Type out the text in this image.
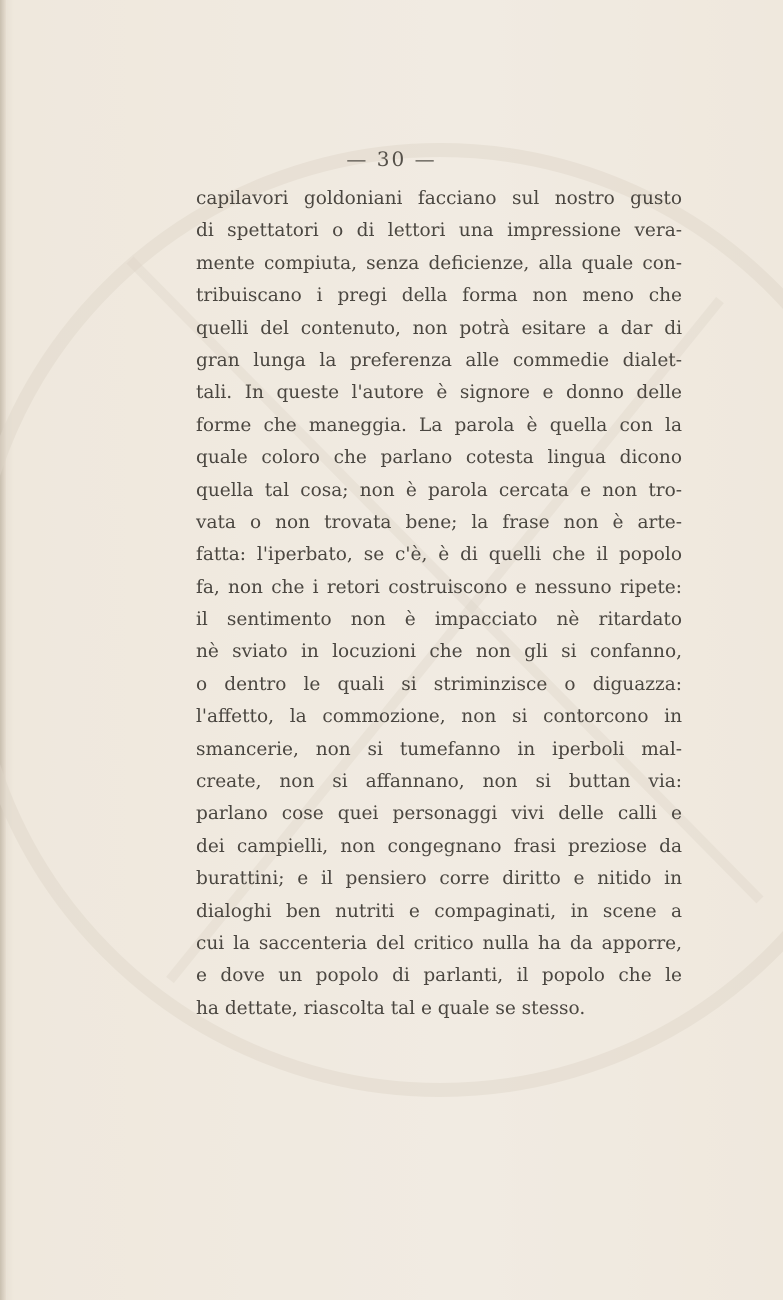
— 30 —
capilavori goldoniani facciano sul nostro gusto
di spettatori o di lettori una impressione vera-
mente compiuta, senza deficienze, alla quale con-
tribuiscano i pregi della forma non meno che
quelli del contenuto, non potrà esitare a dar di
gran lunga la preferenza alle commedie dialet-
tali. In queste l'autore è signore e donno delle
forme che maneggia. La parola è quella con la
quale coloro che parlano cotesta lingua dicono
quella tal cosa; non è parola cercata e non tro-
vata o non trovata bene; la frase non è arte-
fatta: l'iperbato, se c'è, è di quelli che il popolo
fa, non che i retori costruiscono e nessuno ripete:
il sentimento non è impacciato nè ritardato
nè sviato in locuzioni che non gli si confanno,
o dentro le quali si striminzisce o diguazza:
l'affetto, la commozione, non si contorcono in
smancerie, non si tumefanno in iperboli mal-
create, non si affannano, non si buttan via:
parlano cose quei personaggi vivi delle calli e
dei campielli, non congegnano frasi preziose da
burattini; e il pensiero corre diritto e nitido in
dialoghi ben nutriti e compaginati, in scene a
cui la saccenteria del critico nulla ha da apporre,
e dove un popolo di parlanti, il popolo che le
ha dettate, riascolta tal e quale se stesso.
